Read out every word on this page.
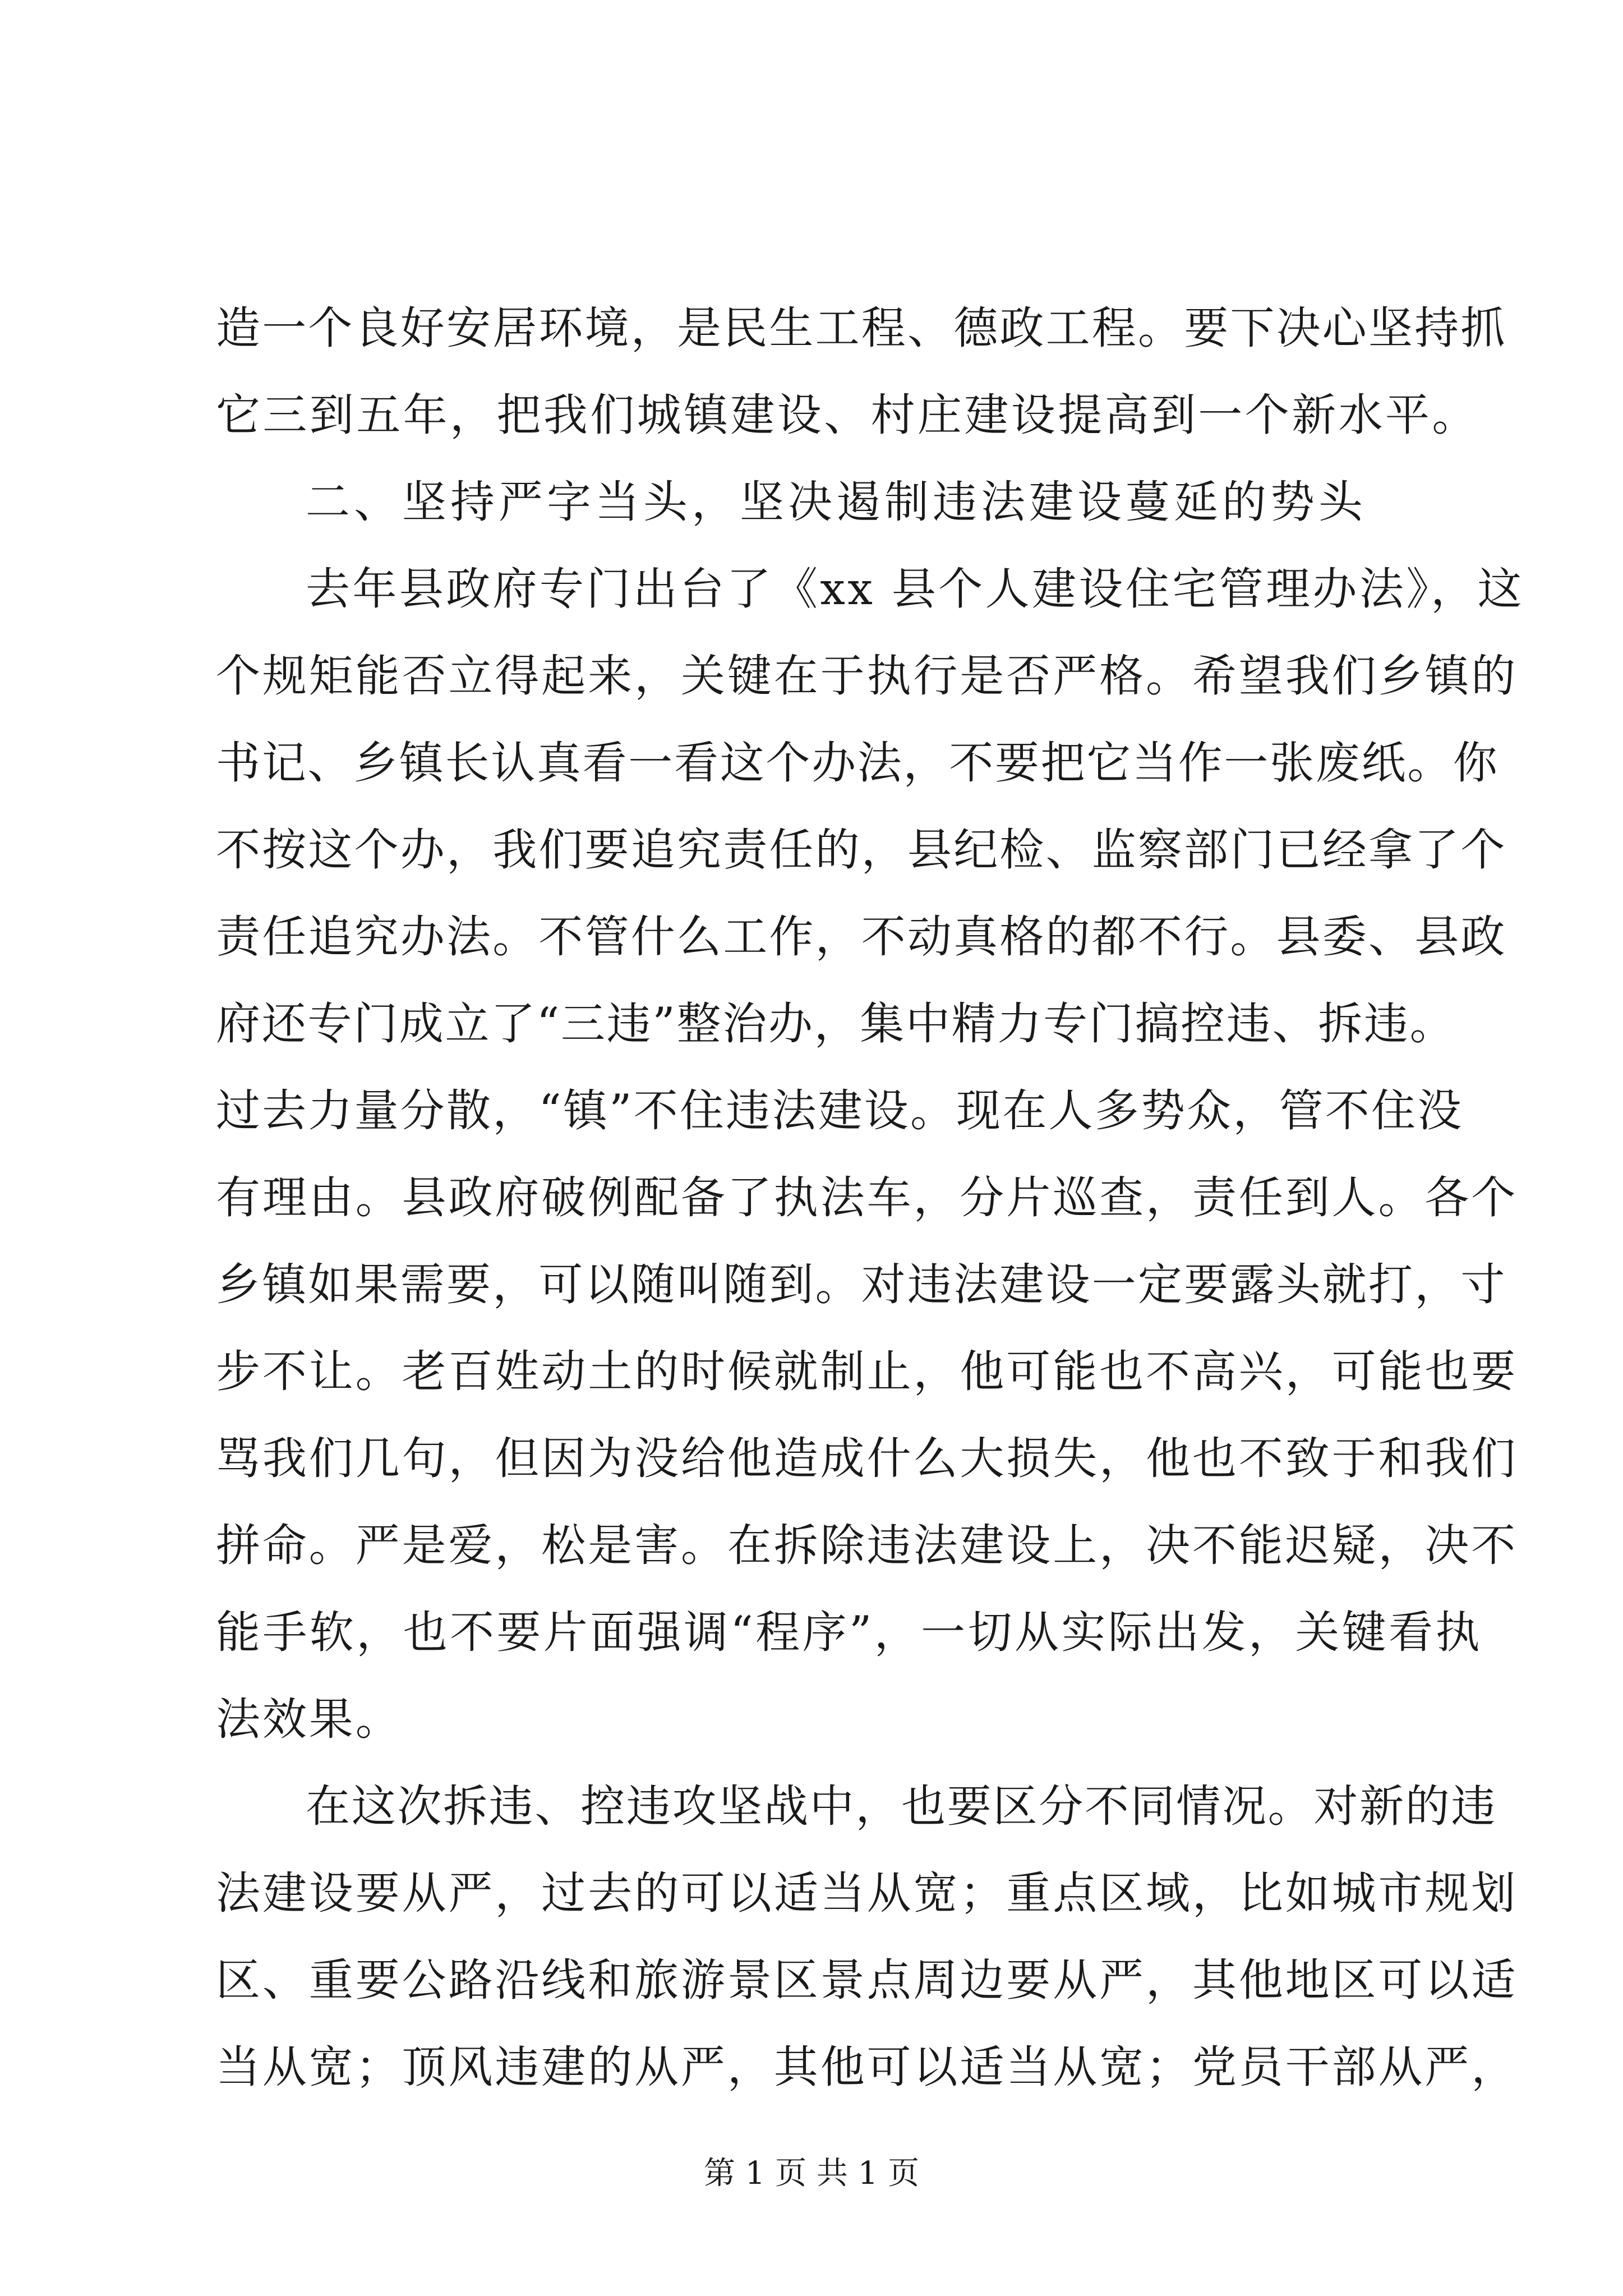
造一个良好安居环境，是民生工程、德政工程。要下决心坚持抓
它三到五年，把我们城镇建设、村庄建设提高到一个新水平。
二、坚持严字当头，坚决遏制违法建设蔓延的势头
去年县政府专门出台了《xx 县个人建设住宅管理办法》，这
个规矩能否立得起来，关键在于执行是否严格。希望我们乡镇的
书记、乡镇长认真看一看这个办法，不要把它当作一张废纸。你
不按这个办，我们要追究责任的，县纪检、监察部门已经拿了个
责任追究办法。不管什么工作，不动真格的都不行。县委、县政
府还专门成立了“三违”整治办，集中精力专门搞控违、拆违。
过去力量分散，“镇”不住违法建设。现在人多势众，管不住没
有理由。县政府破例配备了执法车，分片巡查，责任到人。各个
乡镇如果需要，可以随叫随到。对违法建设一定要露头就打，寸
步不让。老百姓动土的时候就制止，他可能也不高兴，可能也要
骂我们几句，但因为没给他造成什么大损失，他也不致于和我们
拼命。严是爱，松是害。在拆除违法建设上，决不能迟疑，决不
能手软，也不要片面强调“程序”，一切从实际出发，关键看执
法效果。
在这次拆违、控违攻坚战中，也要区分不同情况。对新的违
法建设要从严，过去的可以适当从宽；重点区域，比如城市规划
区、重要公路沿线和旅游景区景点周边要从严，其他地区可以适
当从宽；顶风违建的从严，其他可以适当从宽；党员干部从严，
第 1 页 共 1 页
